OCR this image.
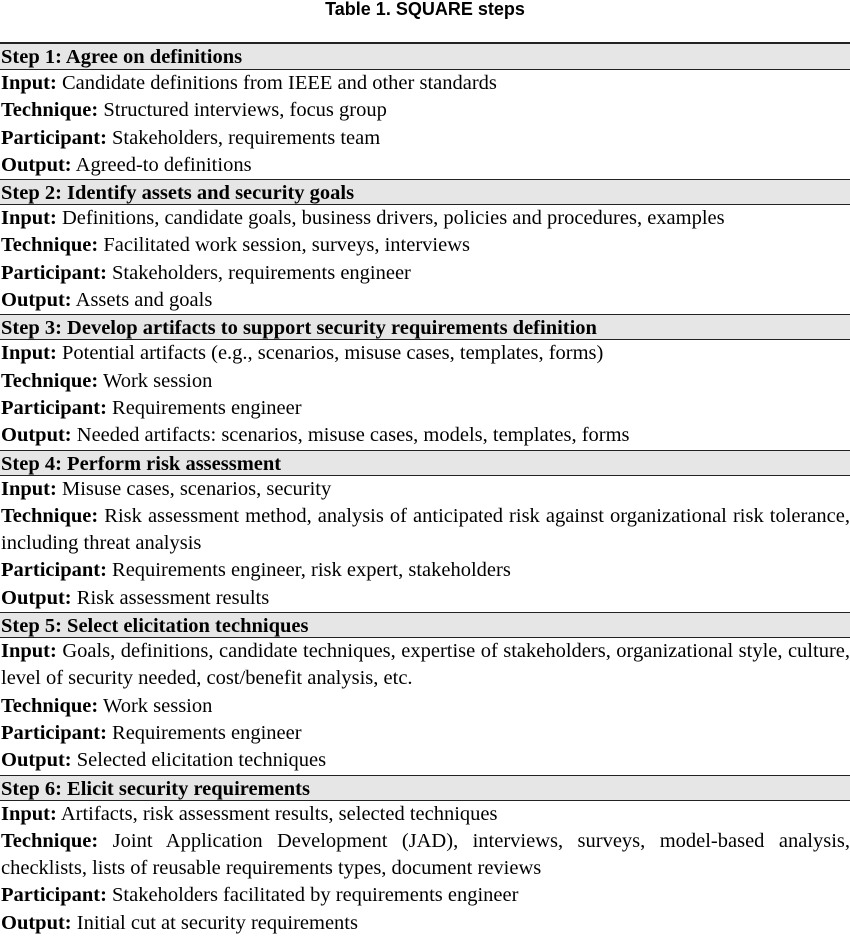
Table 1. SQUARE steps
Step 1: Agree on definitions
Input: Candidate definitions from IEEE and other standards
Technique: Structured interviews, focus group
Participant: Stakeholders, requirements team
Output: Agreed-to definitions
Step 2: Identify assets and security goals
Input: Definitions, candidate goals, business drivers, policies and procedures, examples
Technique: Facilitated work session, surveys, interviews
Participant: Stakeholders, requirements engineer
Output: Assets and goals
Step 3: Develop artifacts to support security requirements definition
Input: Potential artifacts (e.g., scenarios, misuse cases, templates, forms)
Technique: Work session
Participant: Requirements engineer
Output: Needed artifacts: scenarios, misuse cases, models, templates, forms
Step 4: Perform risk assessment
Input: Misuse cases, scenarios, security
Technique: Risk assessment method, analysis of anticipated risk against organizational risk tolerance, including threat analysis
Participant: Requirements engineer, risk expert, stakeholders
Output: Risk assessment results
Step 5: Select elicitation techniques
Input: Goals, definitions, candidate techniques, expertise of stakeholders, organizational style, culture, level of security needed, cost/benefit analysis, etc.
Technique: Work session
Participant: Requirements engineer
Output: Selected elicitation techniques
Step 6: Elicit security requirements
Input: Artifacts, risk assessment results, selected techniques
Technique: Joint Application Development (JAD), interviews, surveys, model-based analysis, checklists, lists of reusable requirements types, document reviews
Participant: Stakeholders facilitated by requirements engineer
Output: Initial cut at security requirements
